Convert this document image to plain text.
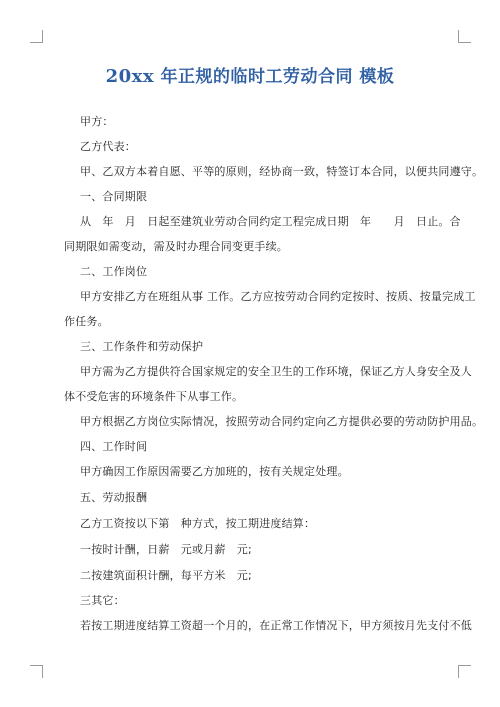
20xx 年正规的临时工劳动合同 模板
甲方：
乙方代表：
甲、乙双方本着自愿、平等的原则，经协商一致，特签订本合同，以便共同遵守。
一、合同期限
从　年　月　日起至建筑业劳动合同约定工程完成日期　年　　月　日止。合
同期限如需变动，需及时办理合同变更手续。
二、工作岗位
甲方安排乙方在班组从事 工作。乙方应按劳动合同约定按时、按质、按量完成工
作任务。
三、工作条件和劳动保护
甲方需为乙方提供符合国家规定的安全卫生的工作环境，保证乙方人身安全及人
体不受危害的环境条件下从事工作。
甲方根据乙方岗位实际情况，按照劳动合同约定向乙方提供必要的劳动防护用品。
四、工作时间
甲方确因工作原因需要乙方加班的，按有关规定处理。
五、劳动报酬
乙方工资按以下第　种方式，按工期进度结算：
一按时计酬，日薪　元或月薪　元;
二按建筑面积计酬，每平方米　元;
三其它：
若按工期进度结算工资超一个月的，在正常工作情况下，甲方须按月先支付不低
